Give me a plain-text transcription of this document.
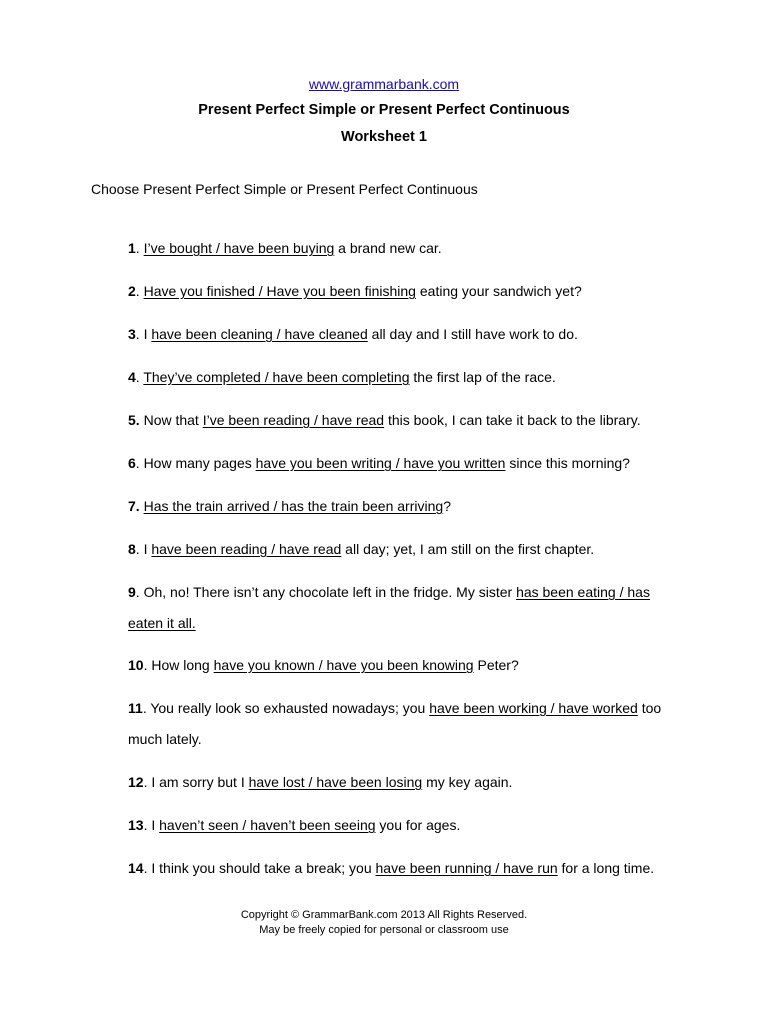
www.grammarbank.com
Present Perfect Simple or Present Perfect Continuous
Worksheet 1
Choose Present Perfect Simple or Present Perfect Continuous
1. I’ve bought / have been buying a brand new car.
2. Have you finished / Have you been finishing eating your sandwich yet?
3. I have been cleaning / have cleaned all day and I still have work to do.
4. They’ve completed / have been completing the first lap of the race.
5. Now that I’ve been reading / have read this book, I can take it back to the library.
6. How many pages have you been writing / have you written since this morning?
7. Has the train arrived / has the train been arriving?
8. I have been reading / have read all day; yet, I am still on the first chapter.
9. Oh, no! There isn’t any chocolate left in the fridge. My sister has been eating / has eaten it all.
10. How long have you known / have you been knowing Peter?
11. You really look so exhausted nowadays; you have been working / have worked too much lately.
12. I am sorry but I have lost / have been losing my key again.
13. I haven’t seen / haven’t been seeing you for ages.
14. I think you should take a break; you have been running / have run for a long time.
Copyright © GrammarBank.com 2013 All Rights Reserved.
May be freely copied for personal or classroom use
